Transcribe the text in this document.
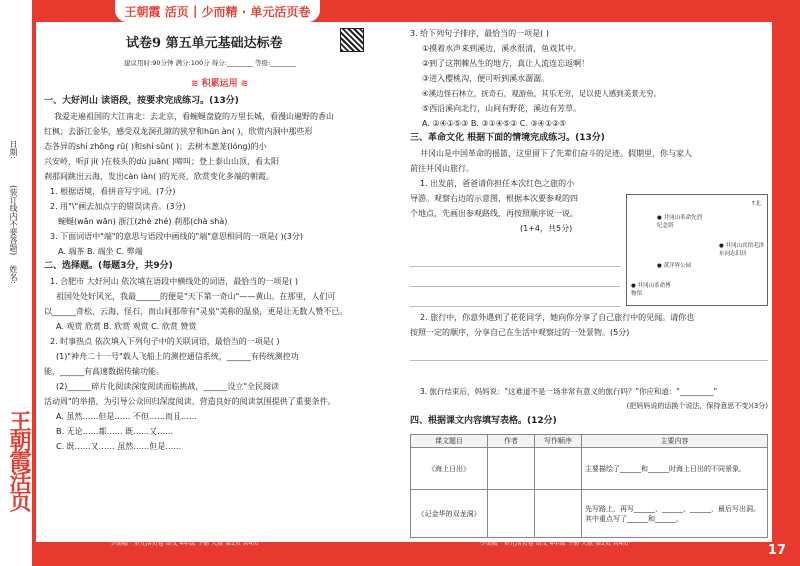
日期:
(装订线内不要答题)
姓名:
王朝霞活页
王朝霞
活页 | 少而精 · 单元活页卷
试卷9 第五单元基础达标卷
建议用时:90分钟 满分:100分 得分:________ 等级:________
≋ 积累运用 ≋
一、大好河山 读语段，按要求完成练习。(13分)
我爱走遍祖国的大江南北：去北京，看蜿蜒盘旋的万里长城，看漫山遍野的香山
红枫；去浙江金华，感受双龙洞孔隙的狭窄和hūn àn( )，欣赏内洞中那些形
态各异的shí zhōng rǔ( )和shí sǔn( )；去树木葱茏(lóng)的小
兴安岭，听jī jí( )在枝头的dù juān( )啼叫；登上泰山山顶，看太阳
刹那间跳出云海，发出càn làn( )的光亮，欣赏变化多端的朝霞。
1. 根据语境，看拼音写字词。(7分)
2. 用"\"画去加点字的错误读音。(3分)
蜿蜒(wǎn wān) 浙江(zhè zhé) 刹那(chà shà)
3. 下面词语中"端"的意思与语段中画线的"端"意思相同的一项是( )(3分)
A. 端茶 B. 端坐 C. 弊端
二、选择题。(每题3分，共9分)
1. 合肥市 大好河山 依次填在语段中横线处的词语，最恰当的一项是( )
祖国处处好风光，我最______的便是"天下第一奇山"——黄山。在那里，人们可
以______奇松、云海、怪石，而山间那带有"灵泉"美称的温泉，更是让无数人赞不已。
A. 观赏 欣赏 B. 欣赏 观赏 C. 欣赏 赞赏
2. 时事热点 依次填入下列句子中的关联词语，最恰当的一项是( )
(1)"神舟二十一号"载人飞船上的测控通信系统，______有传统测控功
能，______有高速数据传输功能。
(2)______碎片化阅读深度阅读面临挑战，______设立"全民阅读
活动周"的举措，为引导公众回归深度阅读、营造良好的阅读氛围提供了重要条件。
A. 虽然……但是…… 不但……而且……
B. 无论……都…… 既……又……
C. 既……又…… 虽然……但是……
少而精 · 单元活页卷 语文 4年级 下册 人教 第1页 共4页
3. 给下列句子排序，最恰当的一项是( )
①摸着水声来到溪边，溪水很清，鱼戏其中。
②到了这荆棘丛生的地方，真让人流连忘返啊！
③进入樱桃沟，便可听到溪水潺潺。
④溪边怪石林立，抚奇石，观游鱼，其乐无穷，足以使人感到美景无穷。
⑤西沿溪向北行，山间有野花，溪边有芳草。
A. ②④①⑤③ B. ③①④⑤② C. ③④①②⑤
三、革命文化 根据下面的情境完成练习。(13分)
井冈山是中国革命的摇篮，这里留下了先辈们奋斗的足迹。假期里，你与家人
前往井冈山旅行。
1. 出发前，爸爸请你担任本次红色之旅的小
导游。观察右边的示意图，根据本次要参观的四
个地点，先画出参观路线，再按照顺序说一说。
(1+4，共5分)
↑北
● 井冈山革命先烈纪念塔
● 井冈山宾馆毛泽东同志旧居
● 黄洋界公园
● 井冈山革命博物馆
2. 旅行中，你意外遇到了花花同学，她向你分享了自己旅行中的见闻。请你也
按照一定的顺序，分享自己在生活中观察过的一处景物。(5分)
3. 旅行结束后，妈妈说："这难道不是一场非常有意义的旅行吗？"你应和道："_________"
(把妈妈说的话换个说法，保持意思不变)(3分)
四、根据课文内容填写表格。(12分)
课文题目	作者	写作顺序	主要内容
《海上日出》			主要描绘了______和______时海上日出的不同景象。
《记金华的双龙洞》			先写路上，再写______、______、______，最后写出洞。其中重点写了______和______。
少而精 · 单元活页卷 语文 4年级 下册 人教 第2页 共4页	17
